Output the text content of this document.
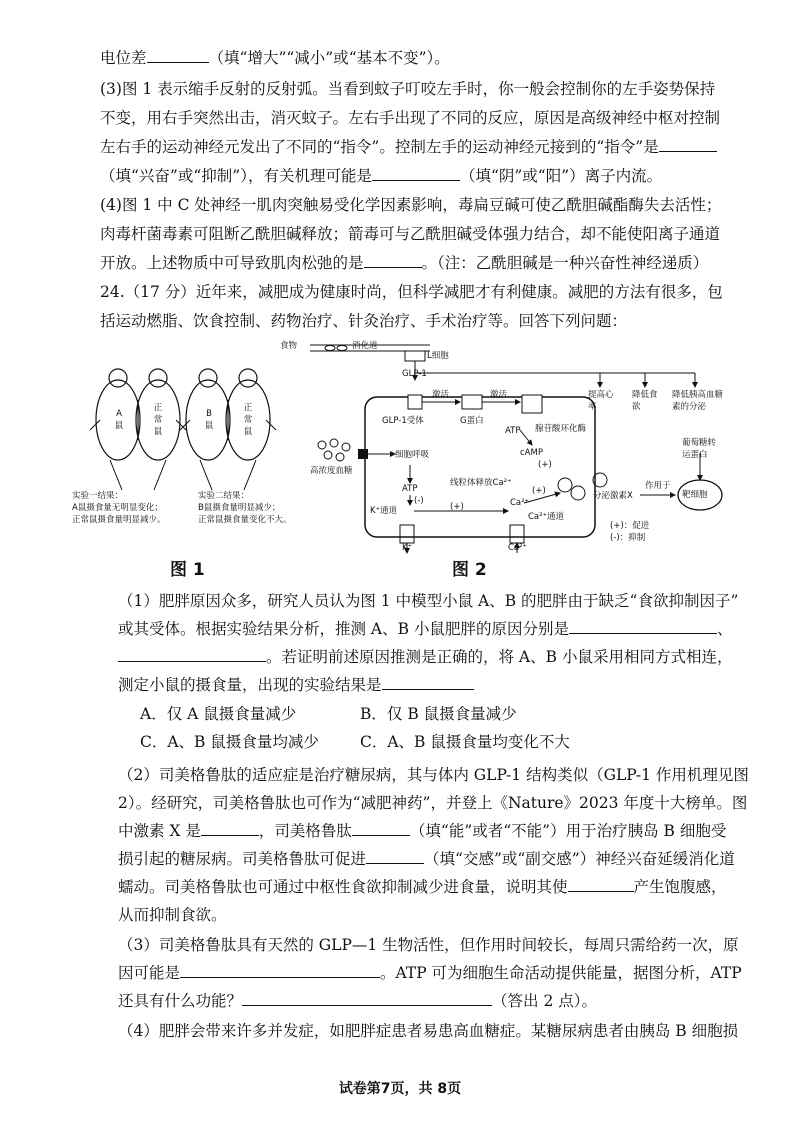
电位差	（填“增大”“减小”或“基本不变”）。
(3)图 1 表示缩手反射的反射弧。当看到蚊子叮咬左手时，你一般会控制你的左手姿势保持
不变，用右手突然出击，消灭蚊子。左右手出现了不同的反应，原因是高级神经中枢对控制
左右手的运动神经元发出了不同的“指令”。控制左手的运动神经元接到的“指令”是
（填“兴奋”或“抑制”），有关机理可能是	（填“阴”或“阳”）离子内流。
(4)图 1 中 C 处神经一肌肉突触易受化学因素影响，毒扁豆碱可使乙酰胆碱酯酶失去活性；
肉毒杆菌毒素可阻断乙酰胆碱释放；箭毒可与乙酰胆碱受体强力结合，却不能使阳离子通道
开放。上述物质中可导致肌肉松弛的是	。（注：乙酰胆碱是一种兴奋性神经递质）
24.（17 分）近年来，减肥成为健康时尚，但科学减肥才有利健康。减肥的方法有很多，包
括运动燃脂、饮食控制、药物治疗、针灸治疗、手术治疗等。回答下列问题：
A鼠
正常鼠
B鼠
正常鼠
实验一结果：
A鼠摄食量无明显变化；
正常鼠摄食量明显减少。
实验二结果：
B鼠摄食量明显减少；
正常鼠摄食量变化不大。
图 1
食物	消化道
L细胞
GLP-1
GLP-1受体
激活	激活
G蛋白
ATP 腺苷酸环化酶
cAMP
(+)
细胞呼吸
高浓度血糖
ATP
(-)
线粒体释放Ca²⁺
(+)
K⁺通道	(+)	Ca²⁺
Ca²⁺通道
K⁺	Ca²⁺
分泌激素X
作用于
靶细胞
葡萄糖转运蛋白
提高心率
降低食欲
降低胰高血糖素的分泌
(+)：促进
(-)：抑制
图 2
（1）肥胖原因众多，研究人员认为图 1 中模型小鼠 A、B 的肥胖由于缺乏“食欲抑制因子”
或其受体。根据实验结果分析，推测 A、B 小鼠肥胖的原因分别是	、
。若证明前述原因推测是正确的，将 A、B 小鼠采用相同方式相连，
测定小鼠的摄食量，出现的实验结果是
A．仅 A 鼠摄食量减少	B．仅 B 鼠摄食量减少
C．A、B 鼠摄食量均减少	C．A、B 鼠摄食量均变化不大
（2）司美格鲁肽的适应症是治疗糖尿病，其与体内 GLP-1 结构类似（GLP-1 作用机理见图
2）。经研究，司美格鲁肽也可作为“减肥神药”，并登上《Nature》2023 年度十大榜单。图
中激素 X 是	，司美格鲁肽	（填“能”或者“不能”）用于治疗胰岛 B 细胞受
损引起的糖尿病。司美格鲁肽可促进	（填“交感”或“副交感”）神经兴奋延缓消化道
蠕动。司美格鲁肽也可通过中枢性食欲抑制减少进食量，说明其使	产生饱腹感，
从而抑制食欲。
（3）司美格鲁肽具有天然的 GLP—1 生物活性，但作用时间较长，每周只需给药一次，原
因可能是	。ATP 可为细胞生命活动提供能量，据图分析，ATP
还具有什么功能？	（答出 2 点）。
（4）肥胖会带来许多并发症，如肥胖症患者易患高血糖症。某糖尿病患者由胰岛 B 细胞损
试卷第7页，共 8页
